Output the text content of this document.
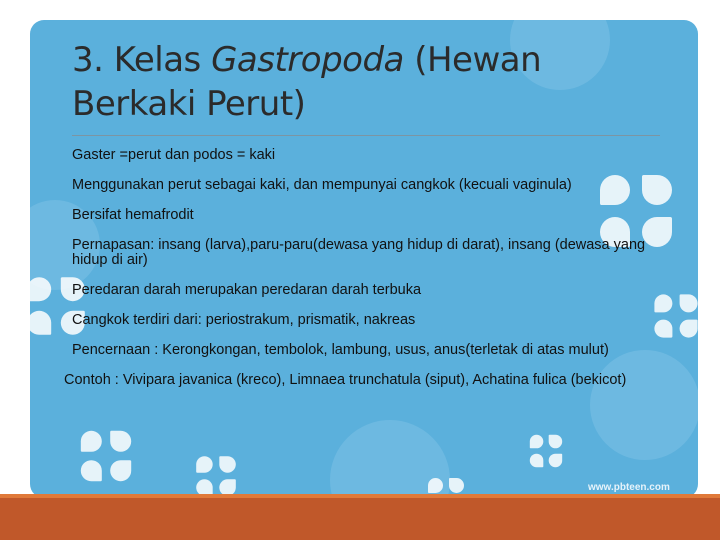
3. Kelas Gastropoda (Hewan Berkaki Perut)
Gaster =perut dan podos = kaki
Menggunakan perut sebagai kaki, dan mempunyai cangkok (kecuali vaginula)
Bersifat hemafrodit
Pernapasan: insang (larva),paru-paru(dewasa yang hidup di darat), insang (dewasa yang hidup di air)
Peredaran darah merupakan peredaran darah terbuka
Cangkok terdiri dari: periostrakum, prismatik, nakreas
Pencernaan : Kerongkongan, tembolok, lambung, usus, anus(terletak di atas mulut)
Contoh : Vivipara javanica (kreco), Limnaea trunchatula (siput), Achatina fulica (bekicot)
www.pbteen.com
